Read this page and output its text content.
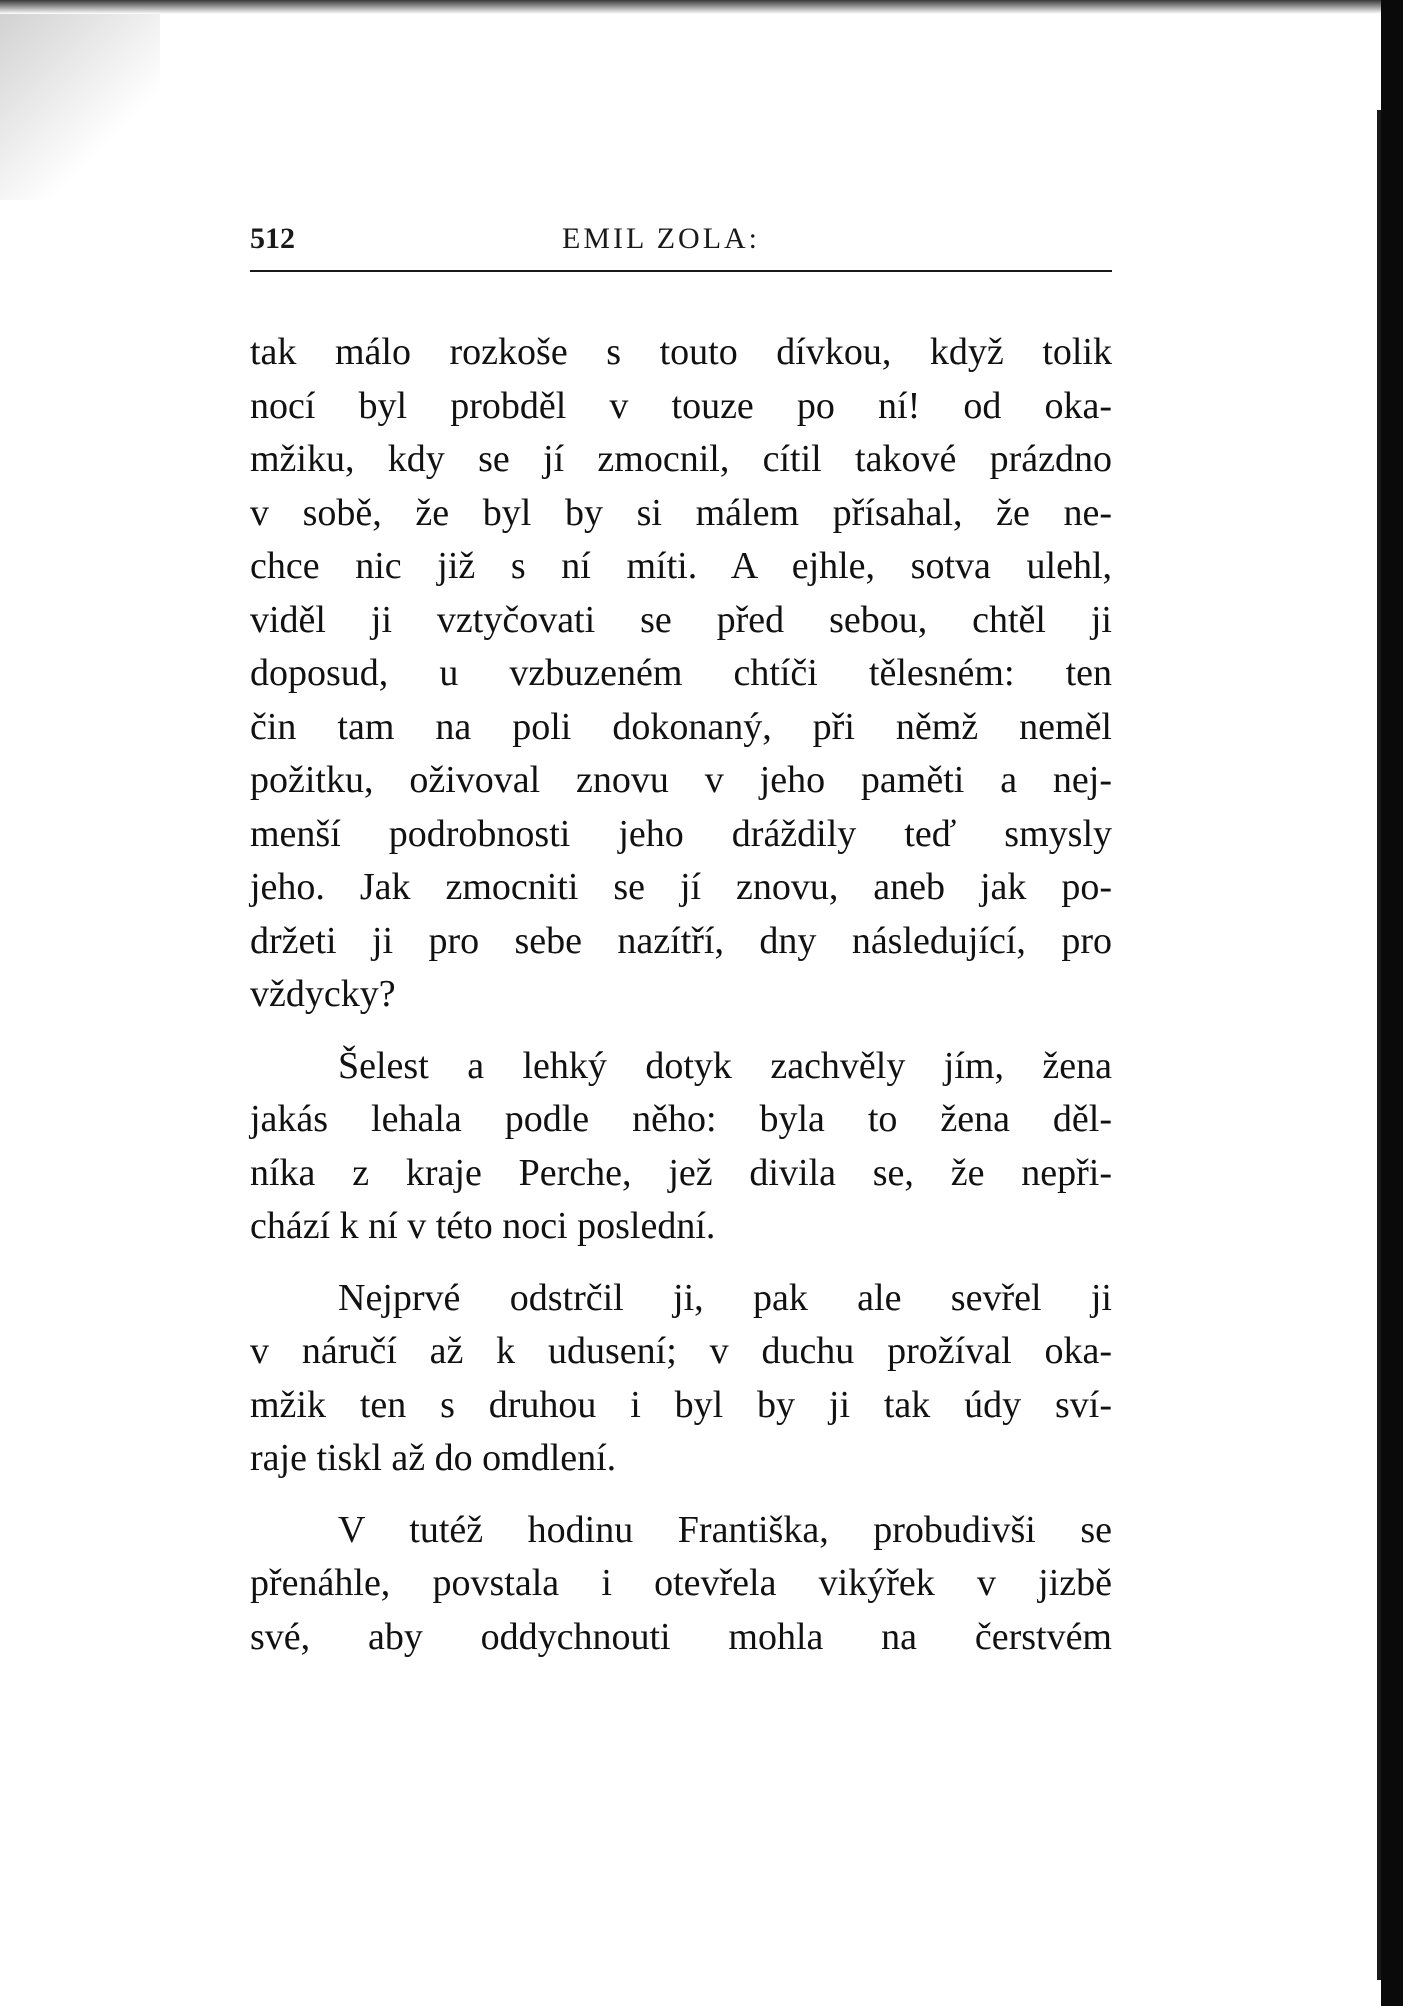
512	EMIL ZOLA:
tak málo rozkoše s touto dívkou, když tolik
nocí byl probděl v touze po ní! od oka-
mžiku, kdy se jí zmocnil, cítil takové prázdno
v sobě, že byl by si málem přísahal, že ne-
chce nic již s ní míti. A ejhle, sotva ulehl,
viděl ji vztyčovati se před sebou, chtěl ji
doposud, u vzbuzeném chtíči tělesném: ten
čin tam na poli dokonaný, při němž neměl
požitku, oživoval znovu v jeho paměti a nej-
menší podrobnosti jeho dráždily teď smysly
jeho. Jak zmocniti se jí znovu, aneb jak po-
držeti ji pro sebe nazítří, dny následující, pro
vždycky?
Šelest a lehký dotyk zachvěly jím, žena
jakás lehala podle něho: byla to žena děl-
níka z kraje Perche, jež divila se, že nepři-
chází k ní v této noci poslední.
Nejprvé odstrčil ji, pak ale sevřel ji
v náručí až k udusení; v duchu prožíval oka-
mžik ten s druhou i byl by ji tak údy sví-
raje tiskl až do omdlení.
V tutéž hodinu Františka, probudivši se
přenáhle, povstala i otevřela vikýřek v jizbě
své, aby oddychnouti mohla na čerstvém
